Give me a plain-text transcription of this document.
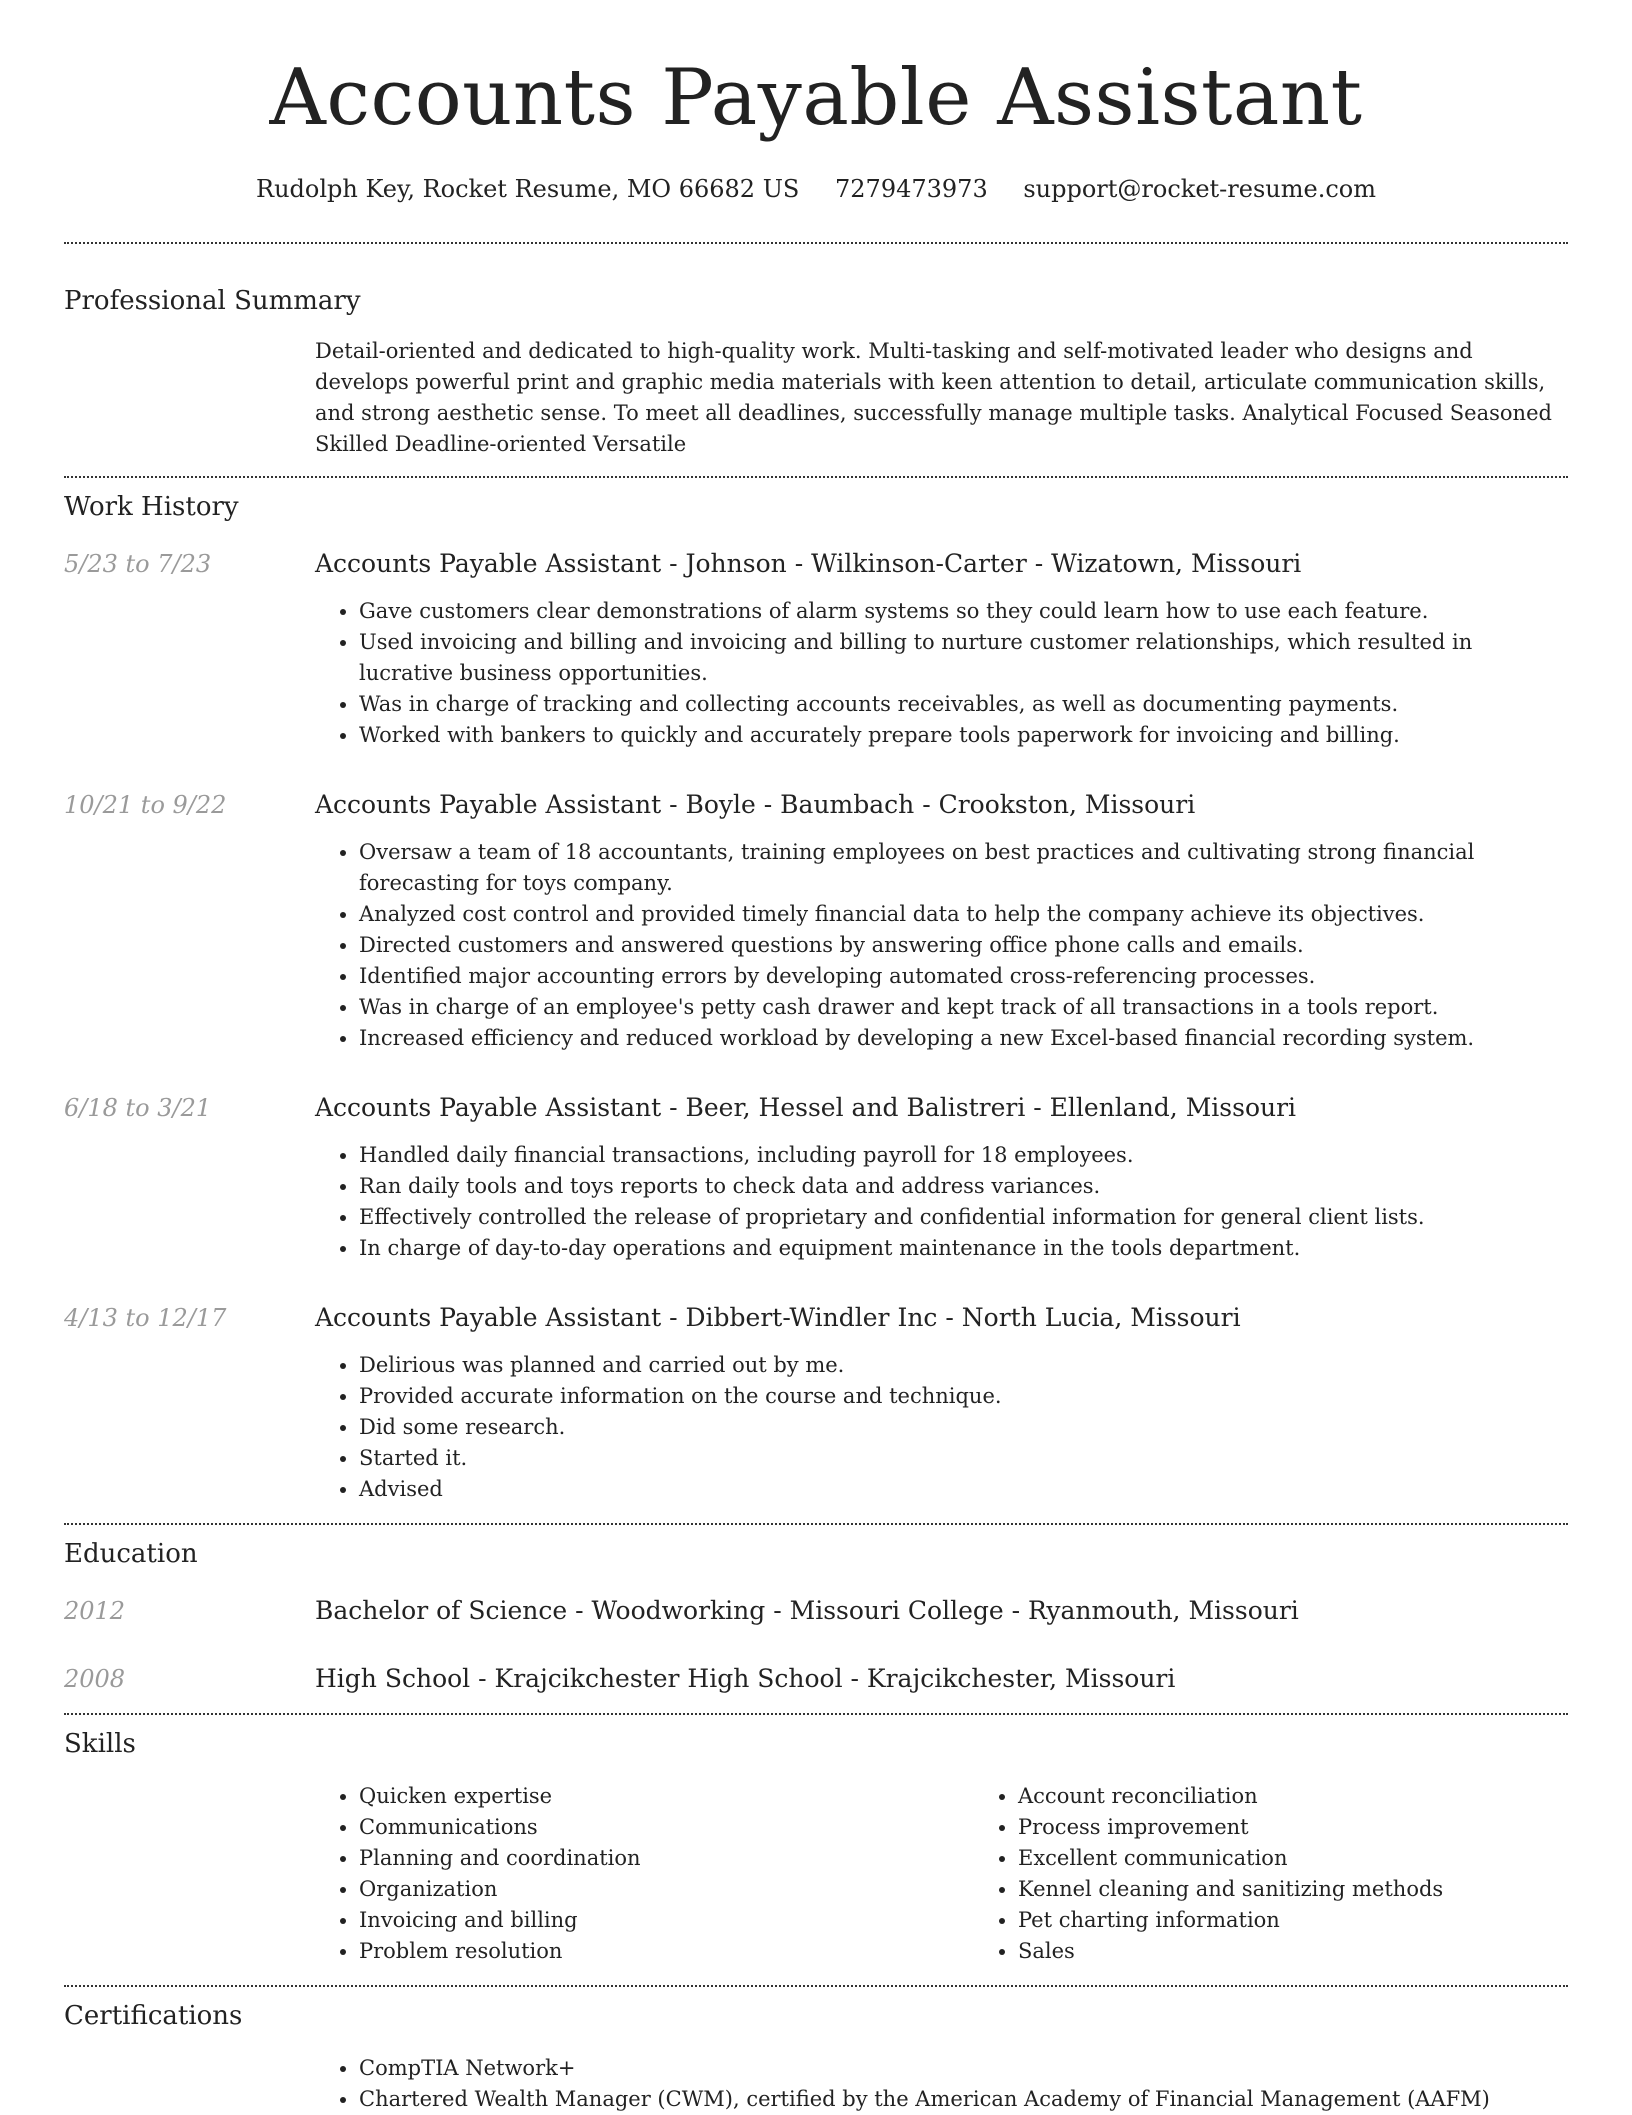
Accounts Payable Assistant
Rudolph Key, Rocket Resume, MO 66682 US 7279473973 support@rocket-resume.com
Professional Summary

Detail-oriented and dedicated to high-quality work. Multi-tasking and self-motivated leader who designs and develops powerful print and graphic media materials with keen attention to detail, articulate communication skills, and strong aesthetic sense. To meet all deadlines, successfully manage multiple tasks. Analytical Focused Seasoned Skilled Deadline-oriented Versatile

Work History
5/23 to 7/23	Accounts Payable Assistant - Johnson - Wilkinson-Carter - Wizatown, Missouri
• Gave customers clear demonstrations of alarm systems so they could learn how to use each feature.
• Used invoicing and billing and invoicing and billing to nurture customer relationships, which resulted in lucrative business opportunities.
• Was in charge of tracking and collecting accounts receivables, as well as documenting payments.
• Worked with bankers to quickly and accurately prepare tools paperwork for invoicing and billing.
10/21 to 9/22	Accounts Payable Assistant - Boyle - Baumbach - Crookston, Missouri
• Oversaw a team of 18 accountants, training employees on best practices and cultivating strong financial forecasting for toys company.
• Analyzed cost control and provided timely financial data to help the company achieve its objectives.
• Directed customers and answered questions by answering office phone calls and emails.
• Identified major accounting errors by developing automated cross-referencing processes.
• Was in charge of an employee's petty cash drawer and kept track of all transactions in a tools report.
• Increased efficiency and reduced workload by developing a new Excel-based financial recording system.
6/18 to 3/21	Accounts Payable Assistant - Beer, Hessel and Balistreri - Ellenland, Missouri
• Handled daily financial transactions, including payroll for 18 employees.
• Ran daily tools and toys reports to check data and address variances.
• Effectively controlled the release of proprietary and confidential information for general client lists.
• In charge of day-to-day operations and equipment maintenance in the tools department.
4/13 to 12/17	Accounts Payable Assistant - Dibbert-Windler Inc - North Lucia, Missouri
• Delirious was planned and carried out by me.
• Provided accurate information on the course and technique.
• Did some research.
• Started it.
• Advised
Education
2012	Bachelor of Science - Woodworking - Missouri College - Ryanmouth, Missouri
2008	High School - Krajcikchester High School - Krajcikchester, Missouri
Skills
• Quicken expertise
• Communications
• Planning and coordination
• Organization
• Invoicing and billing
• Problem resolution
• Account reconciliation
• Process improvement
• Excellent communication
• Kennel cleaning and sanitizing methods
• Pet charting information
• Sales
Certifications
• CompTIA Network+
• Chartered Wealth Manager (CWM), certified by the American Academy of Financial Management (AAFM)
